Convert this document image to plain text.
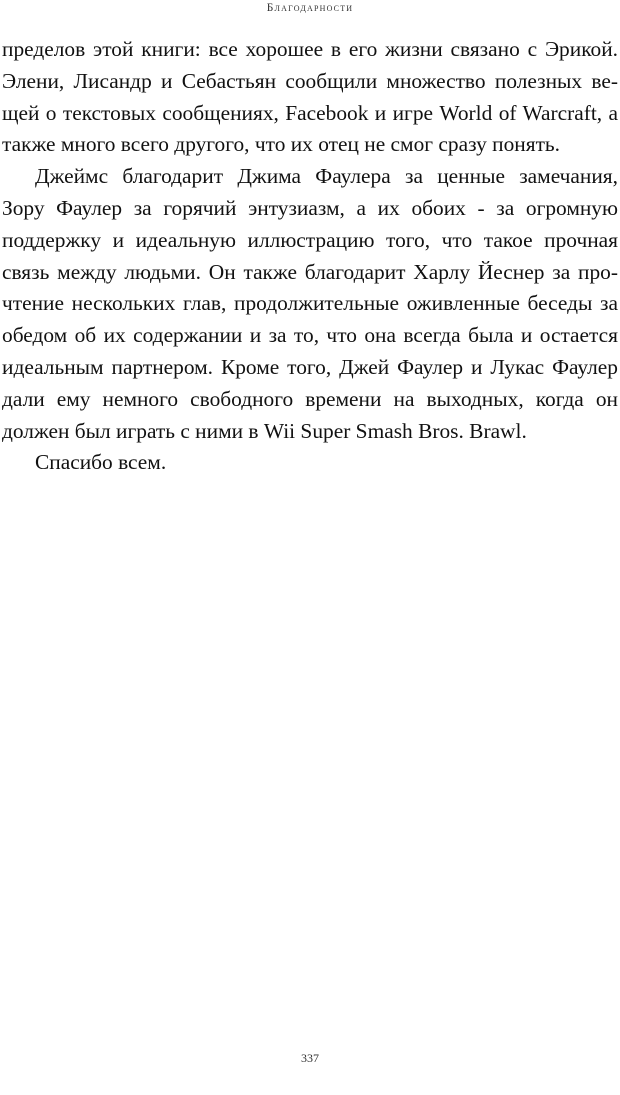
Благодарности
пределов этой книги: все хорошее в его жизни связано с Эрикой.
Элени, Лисандр и Себастьян сообщили множество полезных ве-
щей о текстовых сообщениях, Facebook и игре World of Warcraft, а
также много всего другого, что их отец не смог сразу понять.
Джеймс благодарит Джима Фаулера за ценные замечания,
Зору Фаулер за горячий энтузиазм, а их обоих - за огромную
поддержку и идеальную иллюстрацию того, что такое прочная
связь между людьми. Он также благодарит Харлу Йеснер за про-
чтение нескольких глав, продолжительные оживленные беседы за
обедом об их содержании и за то, что она всегда была и остается
идеальным партнером. Кроме того, Джей Фаулер и Лукас Фаулер
дали ему немного свободного времени на выходных, когда он
должен был играть с ними в Wii Super Smash Bros. Brawl.
Спасибо всем.
337
